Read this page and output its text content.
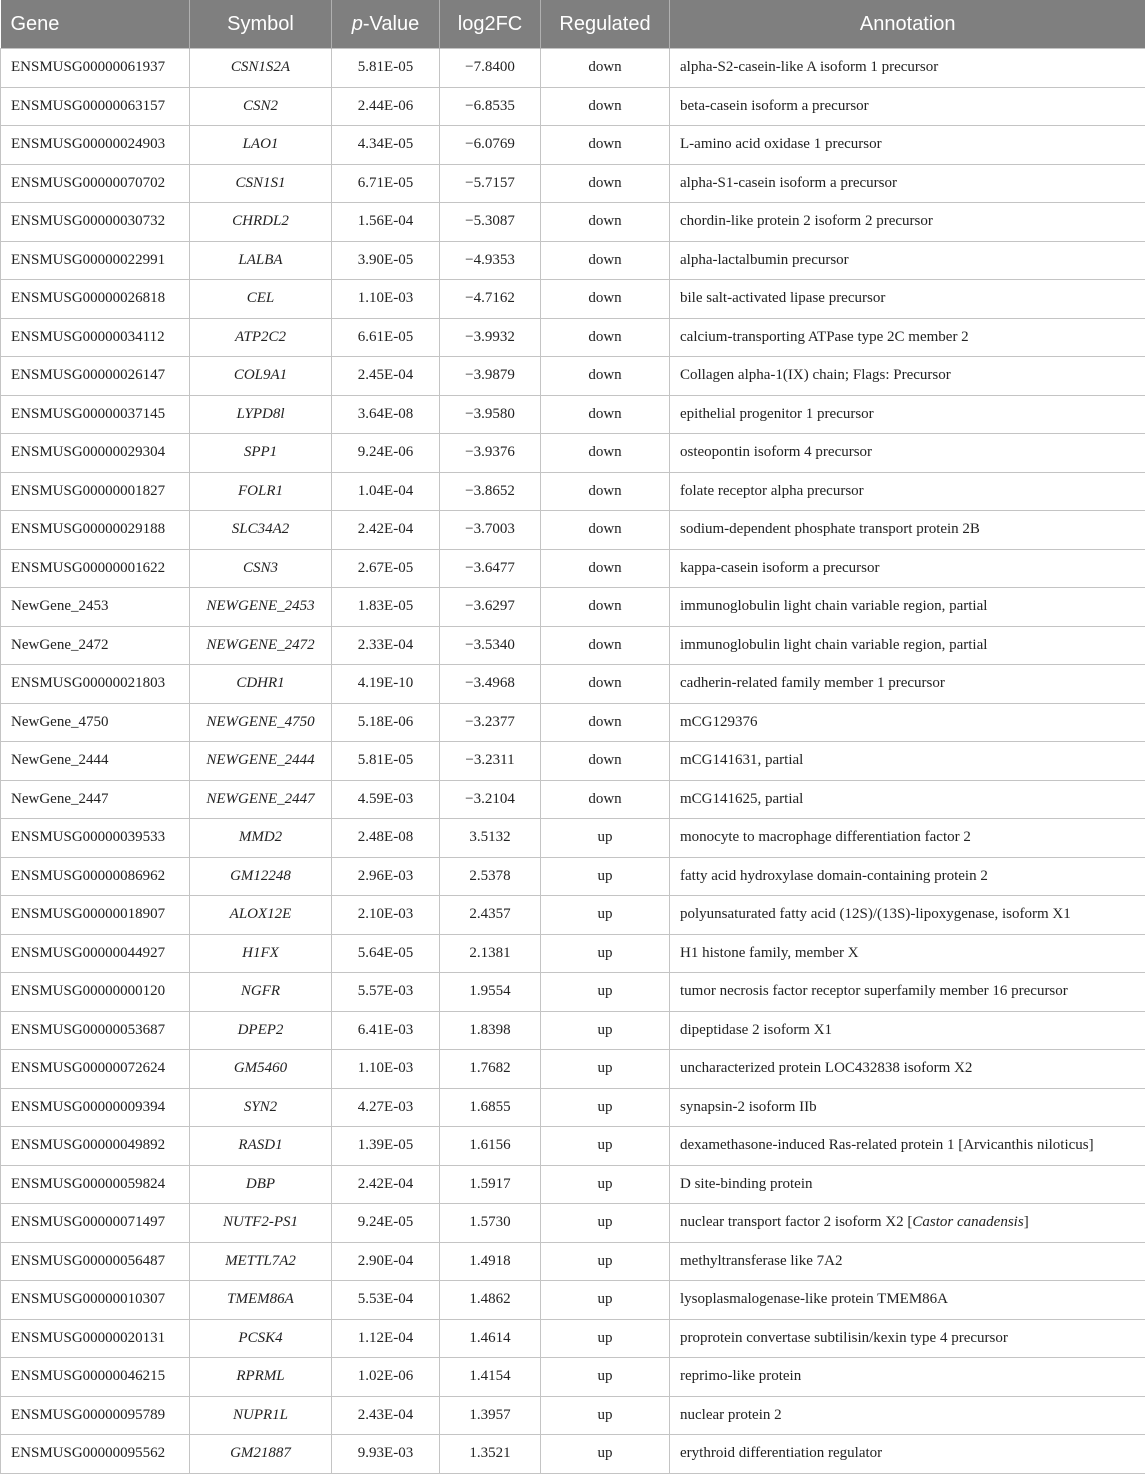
Gene	Symbol	p-Value	log2FC	Regulated	Annotation
ENSMUSG00000061937	CSN1S2A	5.81E-05	−7.8400	down	alpha-S2-casein-like A isoform 1 precursor
ENSMUSG00000063157	CSN2	2.44E-06	−6.8535	down	beta-casein isoform a precursor
ENSMUSG00000024903	LAO1	4.34E-05	−6.0769	down	L-amino acid oxidase 1 precursor
ENSMUSG00000070702	CSN1S1	6.71E-05	−5.7157	down	alpha-S1-casein isoform a precursor
ENSMUSG00000030732	CHRDL2	1.56E-04	−5.3087	down	chordin-like protein 2 isoform 2 precursor
ENSMUSG00000022991	LALBA	3.90E-05	−4.9353	down	alpha-lactalbumin precursor
ENSMUSG00000026818	CEL	1.10E-03	−4.7162	down	bile salt-activated lipase precursor
ENSMUSG00000034112	ATP2C2	6.61E-05	−3.9932	down	calcium-transporting ATPase type 2C member 2
ENSMUSG00000026147	COL9A1	2.45E-04	−3.9879	down	Collagen alpha-1(IX) chain; Flags: Precursor
ENSMUSG00000037145	LYPD8l	3.64E-08	−3.9580	down	epithelial progenitor 1 precursor
ENSMUSG00000029304	SPP1	9.24E-06	−3.9376	down	osteopontin isoform 4 precursor
ENSMUSG00000001827	FOLR1	1.04E-04	−3.8652	down	folate receptor alpha precursor
ENSMUSG00000029188	SLC34A2	2.42E-04	−3.7003	down	sodium-dependent phosphate transport protein 2B
ENSMUSG00000001622	CSN3	2.67E-05	−3.6477	down	kappa-casein isoform a precursor
NewGene_2453	NEWGENE_2453	1.83E-05	−3.6297	down	immunoglobulin light chain variable region, partial
NewGene_2472	NEWGENE_2472	2.33E-04	−3.5340	down	immunoglobulin light chain variable region, partial
ENSMUSG00000021803	CDHR1	4.19E-10	−3.4968	down	cadherin-related family member 1 precursor
NewGene_4750	NEWGENE_4750	5.18E-06	−3.2377	down	mCG129376
NewGene_2444	NEWGENE_2444	5.81E-05	−3.2311	down	mCG141631, partial
NewGene_2447	NEWGENE_2447	4.59E-03	−3.2104	down	mCG141625, partial
ENSMUSG00000039533	MMD2	2.48E-08	3.5132	up	monocyte to macrophage differentiation factor 2
ENSMUSG00000086962	GM12248	2.96E-03	2.5378	up	fatty acid hydroxylase domain-containing protein 2
ENSMUSG00000018907	ALOX12E	2.10E-03	2.4357	up	polyunsaturated fatty acid (12S)/(13S)-lipoxygenase, isoform X1
ENSMUSG00000044927	H1FX	5.64E-05	2.1381	up	H1 histone family, member X
ENSMUSG00000000120	NGFR	5.57E-03	1.9554	up	tumor necrosis factor receptor superfamily member 16 precursor
ENSMUSG00000053687	DPEP2	6.41E-03	1.8398	up	dipeptidase 2 isoform X1
ENSMUSG00000072624	GM5460	1.10E-03	1.7682	up	uncharacterized protein LOC432838 isoform X2
ENSMUSG00000009394	SYN2	4.27E-03	1.6855	up	synapsin-2 isoform IIb
ENSMUSG00000049892	RASD1	1.39E-05	1.6156	up	dexamethasone-induced Ras-related protein 1 [Arvicanthis niloticus]
ENSMUSG00000059824	DBP	2.42E-04	1.5917	up	D site-binding protein
ENSMUSG00000071497	NUTF2-PS1	9.24E-05	1.5730	up	nuclear transport factor 2 isoform X2 [Castor canadensis]
ENSMUSG00000056487	METTL7A2	2.90E-04	1.4918	up	methyltransferase like 7A2
ENSMUSG00000010307	TMEM86A	5.53E-04	1.4862	up	lysoplasmalogenase-like protein TMEM86A
ENSMUSG00000020131	PCSK4	1.12E-04	1.4614	up	proprotein convertase subtilisin/kexin type 4 precursor
ENSMUSG00000046215	RPRML	1.02E-06	1.4154	up	reprimo-like protein
ENSMUSG00000095789	NUPR1L	2.43E-04	1.3957	up	nuclear protein 2
ENSMUSG00000095562	GM21887	9.93E-03	1.3521	up	erythroid differentiation regulator
